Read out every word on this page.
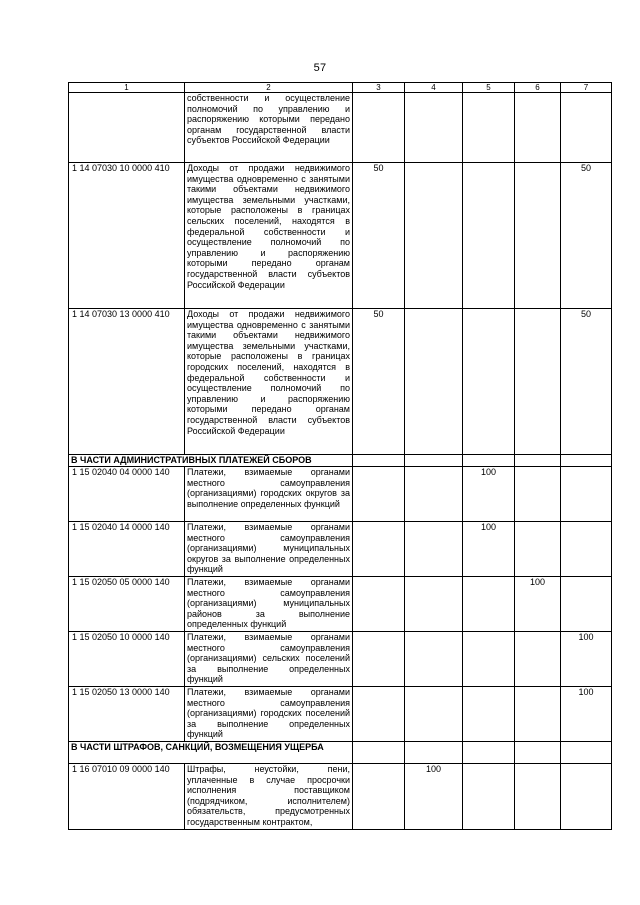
57
1	2	3	4	5	6	7
	собственности и осуществление полномочий по управлению и распоряжению которыми передано органам государственной власти субъектов Российской Федерации					
1 14 07030 10 0000 410	Доходы от продажи недвижимого имущества одновременно с занятыми такими объектами недвижимого имущества земельными участками, которые расположены в границах сельских поселений, находятся в федеральной собственности и осуществление полномочий по управлению и распоряжению которыми передано органам государственной власти субъектов Российской Федерации	50				50
1 14 07030 13 0000 410	Доходы от продажи недвижимого имущества одновременно с занятыми такими объектами недвижимого имущества земельными участками, которые расположены в границах городских поселений, находятся в федеральной собственности и осуществление полномочий по управлению и распоряжению которыми передано органам государственной власти субъектов Российской Федерации	50				50
В ЧАСТИ АДМИНИСТРАТИВНЫХ ПЛАТЕЖЕЙ СБОРОВ						
1 15 02040 04 0000 140	Платежи, взимаемые органами местного самоуправления (организациями) городских округов за выполнение определенных функций			100		
1 15 02040 14 0000 140	Платежи, взимаемые органами местного самоуправления (организациями) муниципальных округов за выполнение определенных функций			100		
1 15 02050 05 0000 140	Платежи, взимаемые органами местного самоуправления (организациями) муниципальных районов за выполнение определенных функций				100	
1 15 02050 10 0000 140	Платежи, взимаемые органами местного самоуправления (организациями) сельских поселений за выполнение определенных функций					100
1 15 02050 13 0000 140	Платежи, взимаемые органами местного самоуправления (организациями) городских поселений за выполнение определенных функций					100
В ЧАСТИ ШТРАФОВ, САНКЦИЙ, ВОЗМЕЩЕНИЯ УЩЕРБА						
1 16 07010 09 0000 140	Штрафы, неустойки, пени, уплаченные в случае просрочки исполнения поставщиком (подрядчиком, исполнителем) обязательств, предусмотренных государственным контрактом,		100			
